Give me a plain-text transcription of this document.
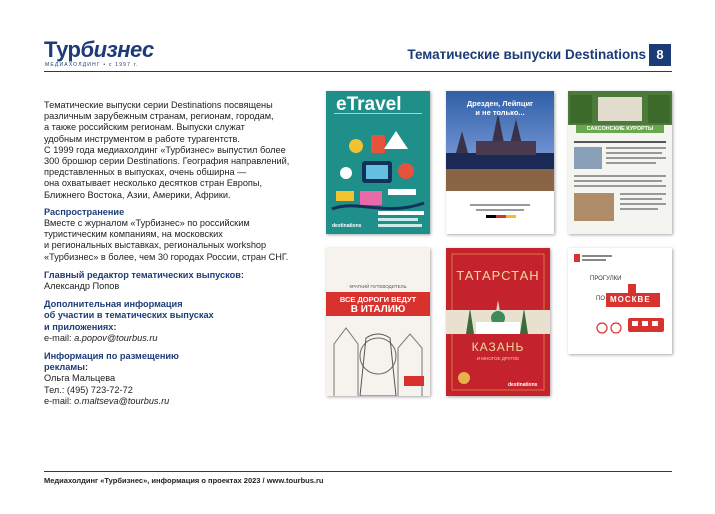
Турбизнес
МЕДИАХОЛДИНГ • с 1997 г.
Тематические выпуски Destinations 8

Тематические выпуски серии Destinations посвящены
различным зарубежным странам, регионам, городам,
а также российским регионам. Выпуски служат
удобным инструментом в работе турагентств.
С 1999 года медиахолдинг «Турбизнес» выпустил более
300 брошюр серии Destinations. География направлений,
представленных в выпусках, очень обширна —
она охватывает несколько десятков стран Европы,
Ближнего Востока, Азии, Америки, Африки.

Распространение

Вместе с журналом «Турбизнес» по российским
туристическим компаниям, на московских
и региональных выставках, региональных workshop
«Турбизнес» в более, чем 30 городах России, стран СНГ.

Главный редактор тематических выпусков:

Александр Попов

Дополнительная информация
об участии в тематических выпусках
и приложениях:

e-mail: a.popov@tourbus.ru

Информация по размещению
рекламы:

Ольга Мальцева

Тел.: (495) 723-72-72

e-mail: o.maltseva@tourbus.ru

eTravel
destinations
Дрезден, Лейпциг
и не только...
САКСОНСКИЕ КУРОРТЫ
КРАТКИЙ ПУТЕВОДИТЕЛЬ
ВСЕ ДОРОГИ ВЕДУТ
В ИТАЛИЮ
ТАТАРСТАН
КАЗАНЬ
И МНОГОЕ ДРУГОЕ
destinations
ПРОГУЛКИ
ПО МОСКВЕ
Медиахолдинг «Турбизнес», информация о проектах 2023 / www.tourbus.ru
